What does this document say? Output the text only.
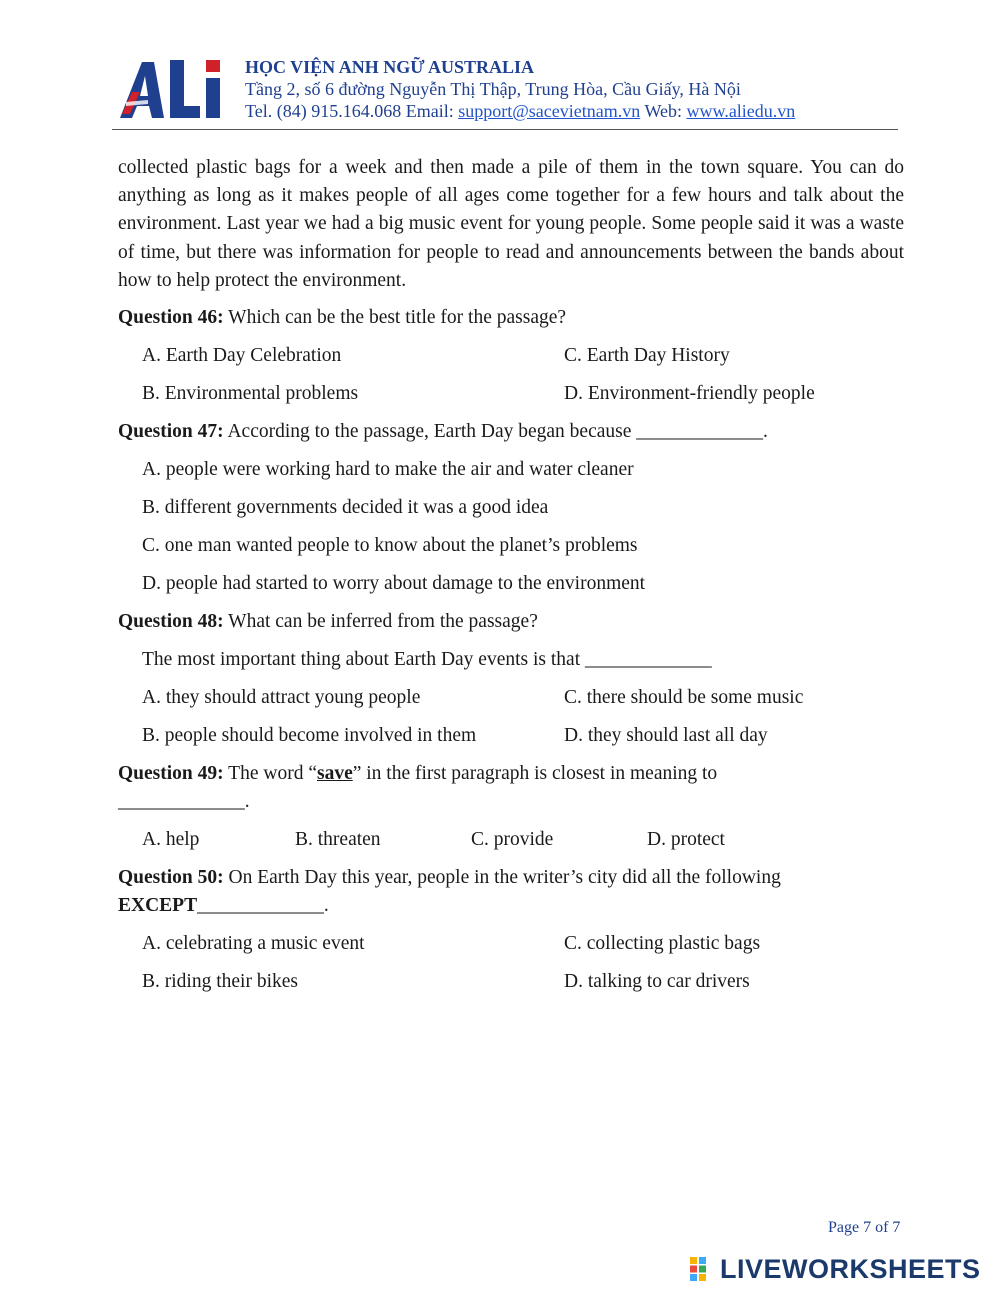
HỌC VIỆN ANH NGỮ AUSTRALIA
Tầng 2, số 6 đường Nguyễn Thị Thập, Trung Hòa, Cầu Giấy, Hà Nội
Tel. (84) 915.164.068 Email: support@sacevietnam.vn Web: www.aliedu.vn

collected plastic bags for a week and then made a pile of them in the town square. You can do anything as long as it makes people of all ages come together for a few hours and talk about the environment. Last year we had a big music event for young people. Some people said it was a waste of time, but there was information for people to read and announcements between the bands about how to help protect the environment.

Question 46: Which can be the best title for the passage?
A. Earth Day Celebration	C. Earth Day History
B. Environmental problems	D. Environment-friendly people
Question 47: According to the passage, Earth Day began because _____________.
A. people were working hard to make the air and water cleaner
B. different governments decided it was a good idea
C. one man wanted people to know about the planet’s problems
D. people had started to worry about damage to the environment
Question 48: What can be inferred from the passage?
The most important thing about Earth Day events is that _____________
A. they should attract young people	C. there should be some music
B. people should become involved in them	D. they should last all day
Question 49: The word “save” in the first paragraph is closest in meaning to
_____________.
A. help	B. threaten	C. provide	D. protect
Question 50: On Earth Day this year, people in the writer’s city did all the following
EXCEPT_____________.
A. celebrating a music event	C. collecting plastic bags
B. riding their bikes	D. talking to car drivers
Page 7 of 7
LIVEWORKSHEETS
